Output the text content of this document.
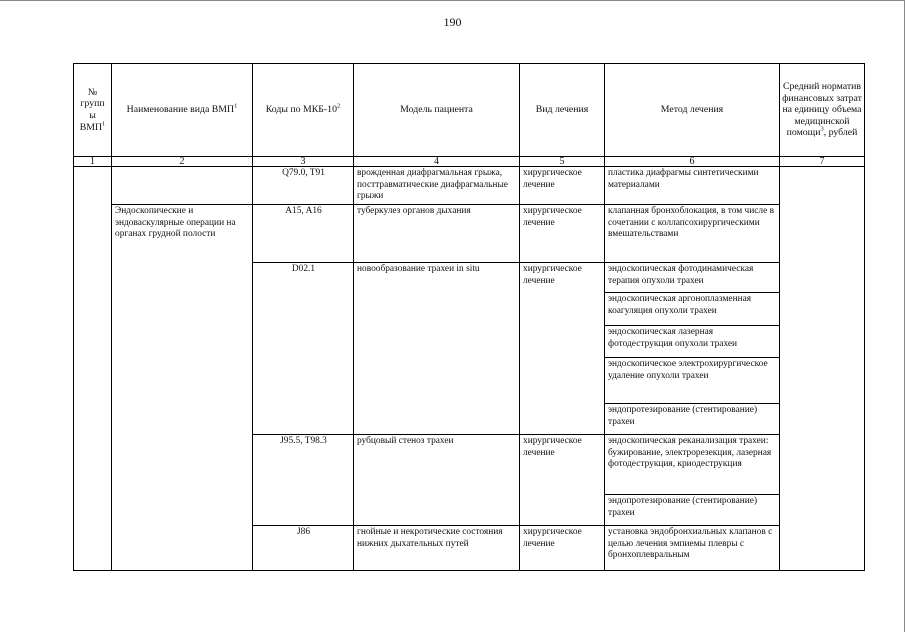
190
№ групп ы ВМП$^1$	Наименование вида ВМП$^1$	Коды по МКБ-$10^2$	Модель пациента	Вид лечения	Метод лечения	Средний норматив финансовых затрат на единицу объема медицинской помощи$^3$, рублей
1	2	3	4	5	6	7
		Q79.0, T91	врожденная диафрагмальная грыжа, посттравматические диафрагмальные грыжи	хирургическое лечение	пластика диафрагмы синтетическими материалами	
	Эндоскопические и эндоваскулярные операции на органах грудной полости	A15, A16	туберкулез органов дыхания	хирургическое лечение	клапанная бронхоблокация, в том числе в сочетании с коллапсохирургическими вмешательствами	
		D02.1	новообразование трахеи in situ	хирургическое лечение	эндоскопическая фотодинамическая терапия опухоли трахеи	
					эндоскопическая аргоноплазменная коагуляция опухоли трахеи	
					эндоскопическая лазерная фотодеструкция опухоли трахеи	
					эндоскопическое электрохирургическое удаление опухоли трахеи	
					эндопротезирование (стентирование) трахеи	
		J95.5, T98.3	рубцовый стеноз трахеи	хирургическое лечение	эндоскопическая реканализация трахеи: бужирование, электрорезекция, лазерная фотодеструкция, криодеструкция	
					эндопротезирование (стентирование) трахеи	
		J86	гнойные и некротические состояния нижних дыхательных путей	хирургическое лечение	установка эндобронхиальных клапанов с целью лечения эмпиемы плевры с бронхоплевральным	
